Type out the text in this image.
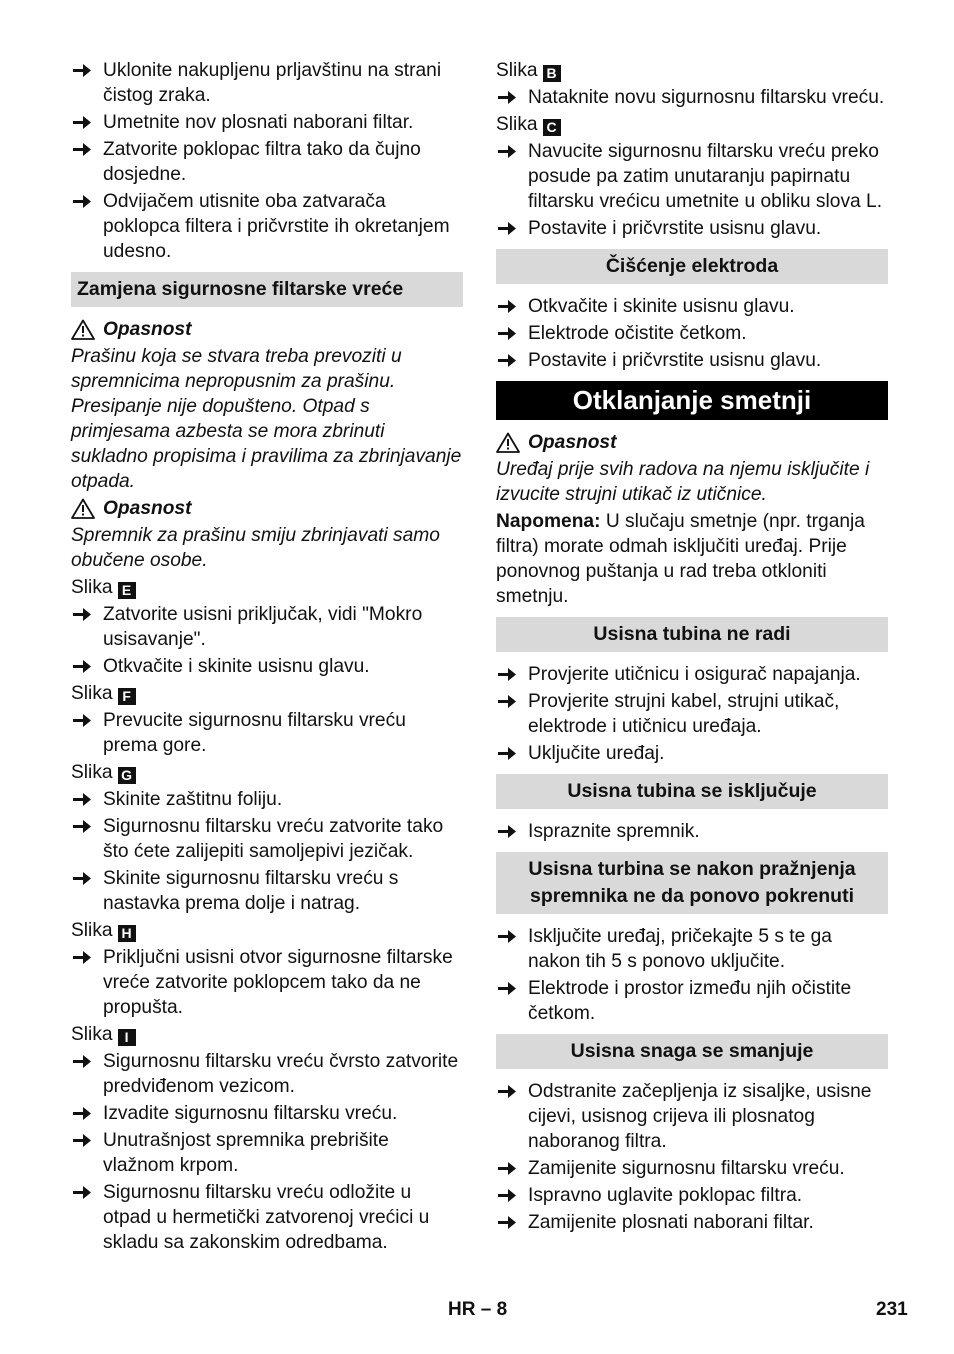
Uklonite nakupljenu prljavštinu na strani čistog zraka.
Umetnite nov plosnati naborani filtar.
Zatvorite poklopac filtra tako da čujno dosjedne.
Odvijačem utisnite oba zatvarača poklopca filtera i pričvrstite ih okretanjem udesno.
Zamjena sigurnosne filtarske vreće
Opasnost
Prašinu koja se stvara treba prevoziti u spremnicima nepropusnim za prašinu. Presipanje nije dopušteno. Otpad s primjesama azbesta se mora zbrinuti sukladno propisima i pravilima za zbrinjavanje otpada.
Opasnost
Spremnik za prašinu smiju zbrinjavati samo obučene osobe.
Slika E
Zatvorite usisni priključak, vidi "Mokro usisavanje".
Otkvačite i skinite usisnu glavu.
Slika F
Prevucite sigurnosnu filtarsku vreću prema gore.
Slika G
Skinite zaštitnu foliju.
Sigurnosnu filtarsku vreću zatvorite tako što ćete zalijepiti samoljepivi jezičak.
Skinite sigurnosnu filtarsku vreću s nastavka prema dolje i natrag.
Slika H
Priključni usisni otvor sigurnosne filtarske vreće zatvorite poklopcem tako da ne propušta.
Slika I
Sigurnosnu filtarsku vreću čvrsto zatvorite predviđenom vezicom.
Izvadite sigurnosnu filtarsku vreću.
Unutrašnjost spremnika prebrišite vlažnom krpom.
Sigurnosnu filtarsku vreću odložite u otpad u hermetički zatvorenoj vrećici u skladu sa zakonskim odredbama.
Slika B
Nataknite novu sigurnosnu filtarsku vreću.
Slika C
Navucite sigurnosnu filtarsku vreću preko posude pa zatim unutaranju papirnatu filtarsku vrećicu umetnite u obliku slova L.
Postavite i pričvrstite usisnu glavu.
Čišćenje elektroda
Otkvačite i skinite usisnu glavu.
Elektrode očistite četkom.
Postavite i pričvrstite usisnu glavu.
Otklanjanje smetnji
Opasnost
Uređaj prije svih radova na njemu isključite i izvucite strujni utikač iz utičnice.
Napomena: U slučaju smetnje (npr. trganja filtra) morate odmah isključiti uređaj. Prije ponovnog puštanja u rad treba otkloniti smetnju.
Usisna tubina ne radi
Provjerite utičnicu i osigurač napajanja.
Provjerite strujni kabel, strujni utikač, elektrode i utičnicu uređaja.
Uključite uređaj.
Usisna tubina se isključuje
Ispraznite spremnik.
Usisna turbina se nakon pražnjenja spremnika ne da ponovo pokrenuti
Isključite uređaj, pričekajte 5 s te ga nakon tih 5 s ponovo uključite.
Elektrode i prostor između njih očistite četkom.
Usisna snaga se smanjuje
Odstranite začepljenja iz sisaljke, usisne cijevi, usisnog crijeva ili plosnatog naboranog filtra.
Zamijenite sigurnosnu filtarsku vreću.
Ispravno uglavite poklopac filtra.
Zamijenite plosnati naborani filtar.
HR – 8	231
